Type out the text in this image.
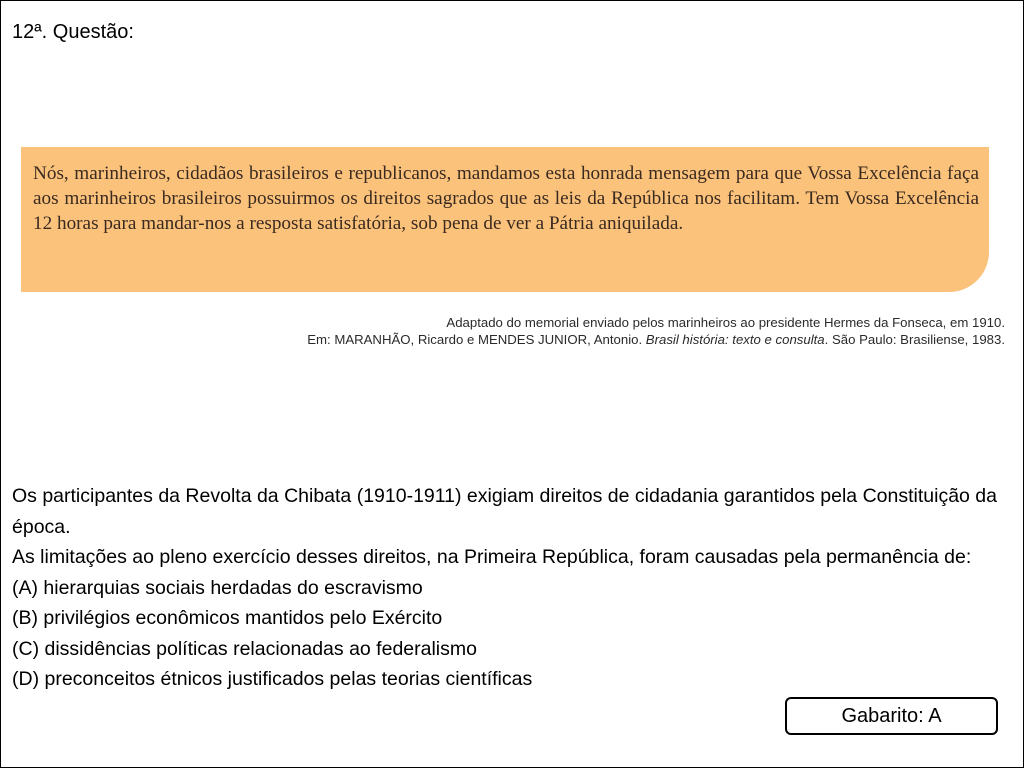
12ª. Questão:
Nós, marinheiros, cidadãos brasileiros e republicanos, mandamos esta honrada mensagem para que Vossa Excelência faça aos marinheiros brasileiros possuirmos os direitos sagrados que as leis da República nos facilitam. Tem Vossa Excelência 12 horas para mandar-nos a resposta satisfatória, sob pena de ver a Pátria aniquilada.
Adaptado do memorial enviado pelos marinheiros ao presidente Hermes da Fonseca, em 1910.
Em: MARANHÃO, Ricardo e MENDES JUNIOR, Antonio. Brasil história: texto e consulta. São Paulo: Brasiliense, 1983.

Os participantes da Revolta da Chibata (1910-1911) exigiam direitos de cidadania garantidos pela Constituição da época.

As limitações ao pleno exercício desses direitos, na Primeira República, foram causadas pela permanência de:

(A) hierarquias sociais herdadas do escravismo

(B) privilégios econômicos mantidos pelo Exército

(C) dissidências políticas relacionadas ao federalismo

(D) preconceitos étnicos justificados pelas teorias científicas

Gabarito: A
